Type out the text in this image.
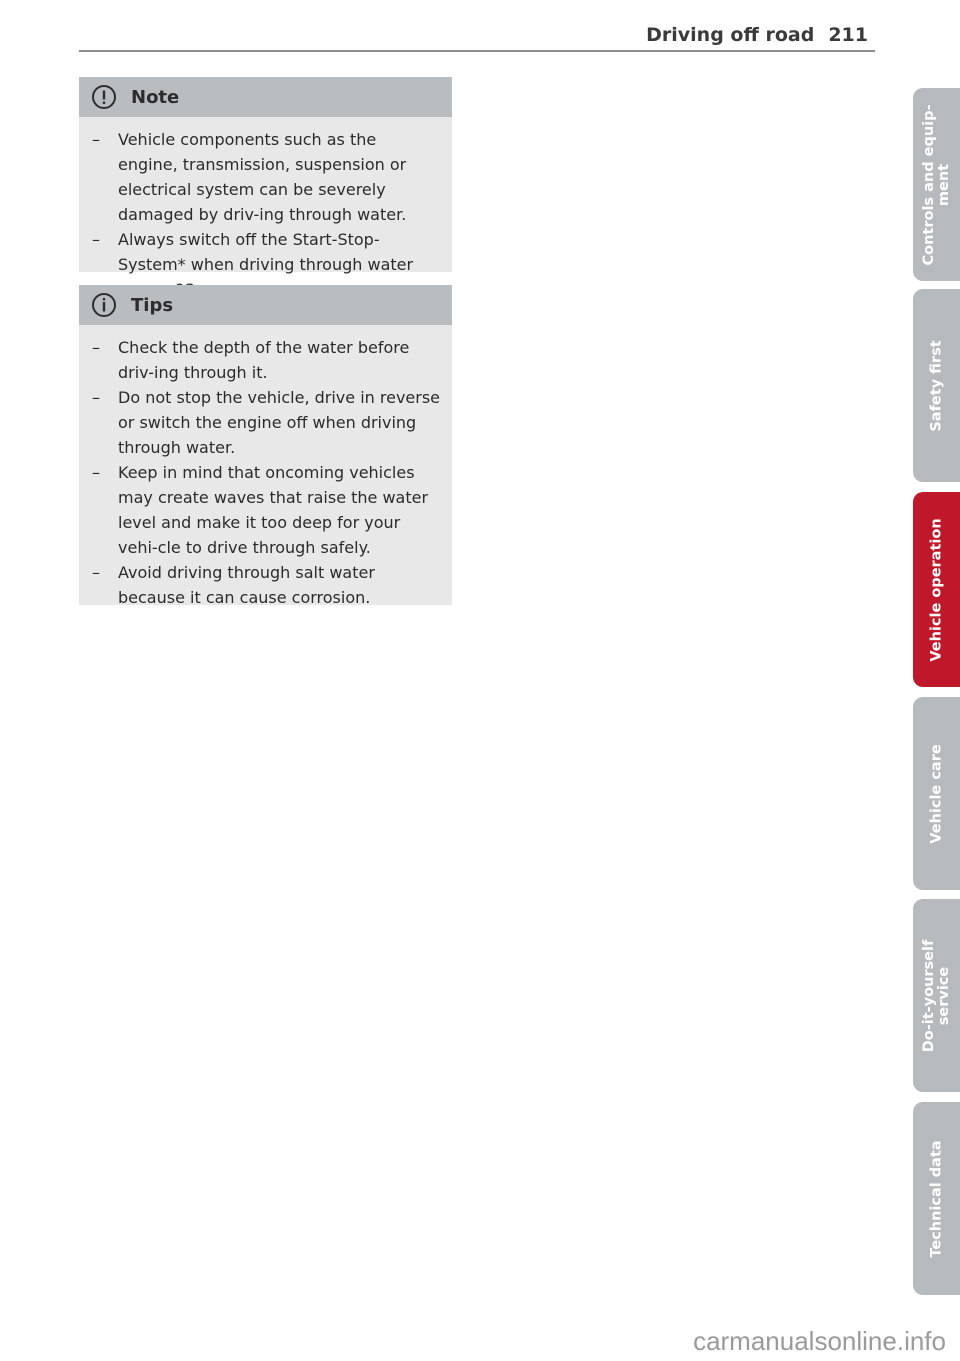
Driving off road 211
Note
– Vehicle components such as the engine, transmission, suspension or electrical system can be severely damaged by driv-ing through water.
– Always switch off the Start-Stop-System* when driving through water
Tips
– Check the depth of the water before driv-ing through it.
– Do not stop the vehicle, drive in reverse or switch the engine off when driving through water.
– Keep in mind that oncoming vehicles may create waves that raise the water level and make it too deep for your vehi-cle to drive through safely.
– Avoid driving through salt water because it can cause corrosion.
Controls and equip- ment
Safety first
Vehicle operation
Vehicle care
Do-it-yourself service
Technical data
carmanualsonline.info
